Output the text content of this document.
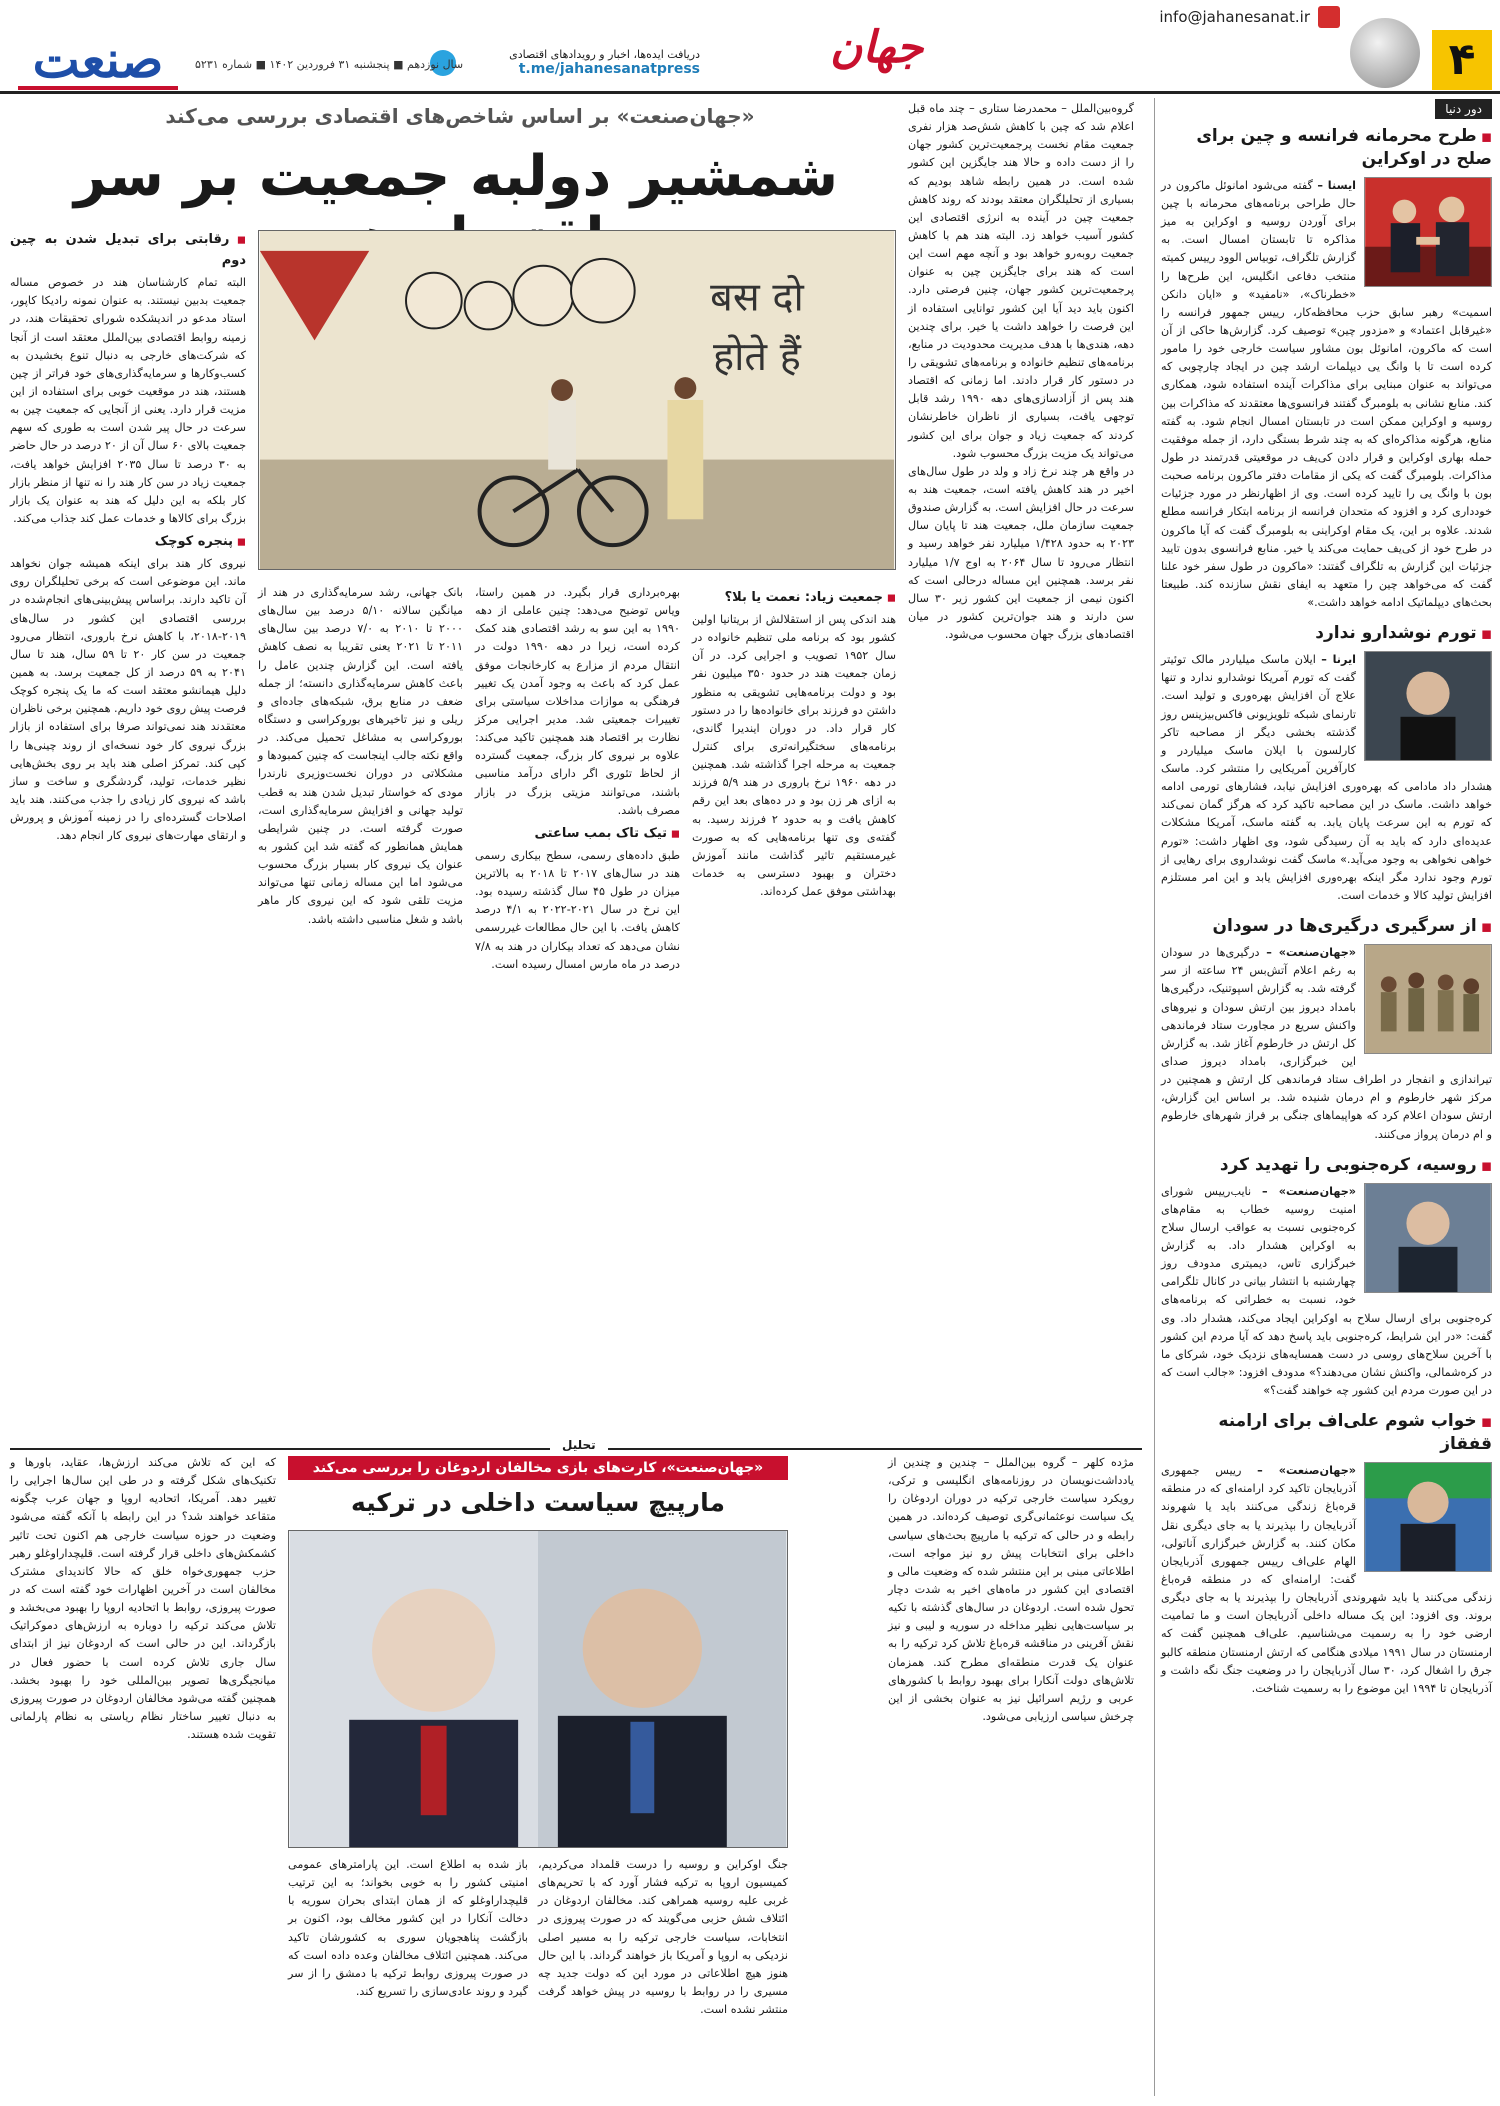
۴
info@jahanesanat.ir
جهان
دریافت ایده‌ها، اخبار و رویدادهای اقتصادی
t.me/jahanesanatpress
سال نوزدهم ■ پنجشنبه ۳۱ فروردین ۱۴۰۲ ■ شماره ۵۲۳۱
صنعت
دور دنیا
◼ طرح محرمانه فرانسه و چین برای صلح در اوکراین
ایسنا – گفته می‌شود امانوئل ماکرون در حال طراحی برنامه‌های محرمانه با چین برای آوردن روسیه و اوکراین به میز مذاکره تا تابستان امسال است. به گزارش تلگراف، توبیاس الوود رییس کمیته منتخب دفاعی انگلیس، این طرح‌ها را «خطرناک»، «نامفید» و «ایان دانکن اسمیت» رهبر سابق حزب محافظه‌کار، رییس جمهور فرانسه را «غیرقابل اعتماد» و «مزدور چین» توصیف کرد. گزارش‌ها حاکی از آن است که ماکرون، امانوئل بون مشاور سیاست خارجی خود را مامور کرده است تا با وانگ یی دیپلمات ارشد چین در ایجاد چارچوبی که می‌تواند به عنوان مبنایی برای مذاکرات آینده استفاده شود، همکاری کند. منابع نشانی به بلومبرگ گفتند فرانسوی‌ها معتقدند که مذاکرات بین روسیه و اوکراین ممکن است در تابستان امسال انجام شود. به گفته منابع، هرگونه مذاکره‌ای که به چند شرط بستگی دارد، از جمله موفقیت حمله بهاری اوکراین و قرار دادن کی‌یف در موقعیتی قدرتمند در طول مذاکرات. بلومبرگ گفت که یکی از مقامات دفتر ماکرون برنامه صحبت بون با وانگ یی را تایید کرده است. وی از اظهارنظر در مورد جزئیات خودداری کرد و افزود که متحدان فرانسه از برنامه ابتکار فرانسه مطلع شدند. علاوه بر این، یک مقام اوکراینی به بلومبرگ گفت که آیا ماکرون در طرح خود از کی‌یف حمایت می‌کند یا خیر. منابع فرانسوی بدون تایید جزئیات این گزارش به تلگراف گفتند: «ماکرون در طول سفر خود علنا گفت که می‌خواهد چین را متعهد به ایفای نقش سازنده کند. طبیعتا بحث‌های دیپلماتیک ادامه خواهد داشت.»
◼ تورم نوشدارو ندارد
ایرنا – ایلان ماسک میلیاردر مالک توئیتر گفت که تورم آمریکا نوشدارو ندارد و تنها علاج آن افزایش بهره‌وری و تولید است. تارنمای شبکه تلویزیونی فاکس‌بیزینس روز گذشته بخشی دیگر از مصاحبه تاکر کارلسون با ایلان ماسک میلیاردر و کارآفرین آمریکایی را منتشر کرد. ماسک هشدار داد مادامی که بهره‌وری افزایش نیابد، فشارهای تورمی ادامه خواهد داشت. ماسک در این مصاحبه تاکید کرد که هرگز گمان نمی‌کند که تورم به این سرعت پایان یابد. به گفته ماسک، آمریکا مشکلات عدیده‌ای دارد که باید به آن رسیدگی شود، وی اظهار داشت: «تورم خواهی نخواهی به وجود می‌آید.» ماسک گفت نوشداروی برای رهایی از تورم وجود ندارد مگر اینکه بهره‌وری افزایش یابد و این امر مستلزم افزایش تولید کالا و خدمات است.
◼ از سرگیری درگیری‌ها در سودان
«جهان‌صنعت» – درگیری‌ها در سودان به رغم اعلام آتش‌بس ۲۴ ساعته از سر گرفته شد. به گزارش اسپوتنیک، درگیری‌ها بامداد دیروز بین ارتش سودان و نیروهای واکنش سریع در مجاورت ستاد فرماندهی کل ارتش در خارطوم آغاز شد. به گزارش این خبرگزاری، بامداد دیروز صدای تیراندازی و انفجار در اطراف ستاد فرماندهی کل ارتش و همچنین در مرکز شهر خارطوم و ام درمان شنیده شد. بر اساس این گزارش، ارتش سودان اعلام کرد که هواپیماهای جنگی بر فراز شهرهای خارطوم و ام درمان پرواز می‌کنند.
◼ روسیه، کره‌جنوبی را تهدید کرد
«جهان‌صنعت» – نایب‌رییس شورای امنیت روسیه خطاب به مقام‌های کره‌جنوبی نسبت به عواقب ارسال سلاح به اوکراین هشدار داد. به گزارش خبرگزاری تاس، دیمیتری مدودف روز چهارشنبه با انتشار بیانی در کانال تلگرامی خود، نسبت به خطراتی که برنامه‌های کره‌جنوبی برای ارسال سلاح به اوکراین ایجاد می‌کند، هشدار داد. وی گفت: «در این شرایط، کره‌جنوبی باید پاسخ دهد که آیا مردم این کشور با آخرین سلاح‌های روسی در دست همسایه‌های نزدیک خود، شرکای ما در کره‌شمالی، واکنش نشان می‌دهند؟» مدودف افزود: «جالب است که در این صورت مردم این کشور چه خواهند گفت؟»
◼ خواب شوم علی‌اف برای ارامنه قفقاز
«جهان‌صنعت» – رییس جمهوری آذربایجان تاکید کرد ارامنه‌ای که در منطقه قره‌باغ زندگی می‌کنند باید یا شهروند آذربایجان را بپذیرند یا به جای دیگری نقل مکان کنند. به گزارش خبرگزاری آناتولی، الهام علی‌اف رییس جمهوری آذربایجان گفت: ارامنه‌ای که در منطقه قره‌باغ زندگی می‌کنند یا باید شهروندی آذربایجان را بپذیرند یا به جای دیگری بروند. وی افزود: این یک مساله داخلی آذربایجان است و ما تمامیت ارضی خود را به رسمیت می‌شناسیم. علی‌اف همچنین گفت که ارمنستان در سال ۱۹۹۱ میلادی هنگامی که ارتش ارمنستان منطقه کالبو جرق را اشغال کرد، ۳۰ سال آذربایجان را در وضعیت جنگ نگه داشت و آذربایجان تا ۱۹۹۴ این موضوع را به رسمیت شناخت.
«جهان‌صنعت» بر اساس شاخص‌های اقتصادی بررسی می‌کند
شمشیر دولبه جمعیت بر سر
बस दो
होते हैं
◼ رقابتی برای تبدیل شدن به چین دوم
البته تمام کارشناسان هند در خصوص مساله جمعیت بدبین نیستند. به عنوان نمونه رادیکا کاپور، استاد مدعو در اندیشکده شورای تحقیقات هند، در زمینه روابط اقتصادی بین‌الملل معتقد است از آنجا که شرکت‌های خارجی به دنبال تنوع بخشیدن به کسب‌وکارها و سرمایه‌گذاری‌های خود فراتر از چین هستند، هند در موقعیت خوبی برای استفاده از این مزیت قرار دارد. یعنی از آنجایی که جمعیت چین به سرعت در حال پیر شدن است به طوری که سهم جمعیت بالای ۶۰ سال آن از ۲۰ درصد در حال حاضر به ۳۰ درصد تا سال ۲۰۳۵ افزایش خواهد یافت، جمعیت زیاد در سن کار هند را نه تنها از منظر بازار کار بلکه به این دلیل که هند به عنوان یک بازار بزرگ برای کالاها و خدمات عمل کند جذاب می‌کند.
◼ پنجره کوچک
نیروی کار هند برای اینکه همیشه جوان نخواهد ماند. این موضوعی است که برخی تحلیلگران روی آن تاکید دارند. براساس پیش‌بینی‌های انجام‌شده در بررسی اقتصادی این کشور در سال‌های ۲۰۱۹-۲۰۱۸، با کاهش نرخ باروری، انتظار می‌رود جمعیت در سن کار ۲۰ تا ۵۹ سال، هند تا سال ۲۰۴۱ به ۵۹ درصد از کل جمعیت برسد. به همین دلیل هیمانشو معتقد است که ما یک پنجره کوچک فرصت پیش روی خود داریم. همچنین برخی ناظران معتقدند هند نمی‌تواند صرفا برای استفاده از بازار بزرگ نیروی کار خود نسخه‌ای از روند چینی‌ها را کپی کند. تمرکز اصلی هند باید بر روی بخش‌هایی نظیر خدمات، تولید، گردشگری و ساخت و ساز باشد که نیروی کار زیادی را جذب می‌کنند. هند باید اصلاحات گسترده‌ای را در زمینه آموزش و پرورش و ارتقای مهارت‌های نیروی کار انجام دهد.
بانک جهانی، رشد سرمایه‌گذاری در هند از میانگین سالانه ۵/۱۰ درصد بین سال‌های ۲۰۰۰ تا ۲۰۱۰ به ۷/۰ درصد بین سال‌های ۲۰۱۱ تا ۲۰۲۱ یعنی تقریبا به نصف کاهش یافته است. این گزارش چندین عامل را باعث کاهش سرمایه‌گذاری دانسته؛ از جمله ضعف در منابع برق، شبکه‌های جاده‌ای و ریلی و نیز تاخیرهای بوروکراسی و دستگاه بوروکراسی به مشاغل تحمیل می‌کند. در واقع نکته جالب اینجاست که چنین کمبودها و مشکلاتی در دوران نخست‌وزیری نارندرا مودی که خواستار تبدیل شدن هند به قطب تولید جهانی و افزایش سرمایه‌گذاری است، صورت گرفته است. در چنین شرایطی همایش همانطور که گفته شد این کشور به عنوان یک نیروی کار بسیار بزرگ محسوب می‌شود اما این مساله زمانی تنها می‌تواند مزیت تلقی شود که این نیروی کار ماهر باشد و شغل مناسبی داشته باشد.
بهره‌برداری قرار بگیرد. در همین راستا، ویاس توضیح می‌دهد: چنین عاملی از دهه ۱۹۹۰ به این سو به رشد اقتصادی هند کمک کرده است، زیرا در دهه ۱۹۹۰ دولت در انتقال مردم از مزارع به کارخانجات موفق عمل کرد که باعث به وجود آمدن یک تغییر فرهنگی به موازات مداخلات سیاستی برای تغییرات جمعیتی شد. مدیر اجرایی مرکز نظارت بر اقتصاد هند همچنین تاکید می‌کند: علاوه بر نیروی کار بزرگ، جمعیت گسترده از لحاظ تئوری اگر دارای درآمد مناسبی باشند، می‌توانند مزیتی بزرگ در بازار مصرف باشد.
◼ تیک تاک بمب ساعتی
طبق داده‌های رسمی، سطح بیکاری رسمی هند در سال‌های ۲۰۱۷ تا ۲۰۱۸ به بالاترین میزان در طول ۴۵ سال گذشته رسیده بود. این نرخ در سال ۲۰۲۱-۲۰۲۲ به ۴/۱ درصد کاهش یافت. با این حال مطالعات غیررسمی نشان می‌دهد که تعداد بیکاران در هند به ۷/۸ درصد در ماه مارس امسال رسیده است.
◼ جمعیت زیاد: نعمت یا بلا؟
هند اندکی پس از استقلالش از بریتانیا اولین کشور بود که برنامه ملی تنظیم خانواده در سال ۱۹۵۲ تصویب و اجرایی کرد. در آن زمان جمعیت هند در حدود ۳۵۰ میلیون نفر بود و دولت برنامه‌هایی تشویقی به منظور داشتن دو فرزند برای خانواده‌ها را در دستور کار قرار داد. در دوران ایندیرا گاندی، برنامه‌های سختگیرانه‌تری برای کنترل جمعیت به مرحله اجرا گذاشته شد. همچنین در دهه ۱۹۶۰ نرخ باروری در هند ۵/۹ فرزند به ازای هر زن بود و در ده‌های بعد این رقم کاهش یافت و به حدود ۲ فرزند رسید. به گفته‌ی وی تنها برنامه‌هایی که به صورت غیرمستقیم تاثیر گذاشت مانند آموزش دختران و بهبود دسترسی به خدمات بهداشتی موفق عمل کرده‌اند.
گروه‌بین‌الملل – محمدرضا ستاری – چند ماه قبل اعلام شد که چین با کاهش شش‌صد هزار نفری جمعیت مقام نخست پرجمعیت‌ترین کشور جهان را از دست داده و حالا هند جایگزین این کشور شده است. در همین رابطه شاهد بودیم که بسیاری از تحلیلگران معتقد بودند که روند کاهش جمعیت چین در آینده به انرژی اقتصادی این کشور آسیب خواهد زد. البته هند هم با کاهش جمعیت روبه‌رو خواهد بود و آنچه مهم است این است که هند برای جایگزین چین به عنوان پرجمعیت‌ترین کشور جهان، چنین فرصتی دارد. اکنون باید دید آیا این کشور توانایی استفاده از این فرصت را خواهد داشت یا خیر. برای چندین دهه، هندی‌ها با هدف مدیریت محدودیت در منابع، برنامه‌های تنظیم خانواده و برنامه‌های تشویقی را در دستور کار قرار دادند. اما زمانی که اقتصاد هند پس از آزادسازی‌های دهه ۱۹۹۰ رشد قابل توجهی یافت، بسیاری از ناظران خاطرنشان کردند که جمعیت زیاد و جوان برای این کشور می‌تواند یک مزیت بزرگ محسوب شود.
در واقع هر چند نرخ زاد و ولد در طول سال‌های اخیر در هند کاهش یافته است، جمعیت هند به سرعت در حال افزایش است. به گزارش صندوق جمعیت سازمان ملل، جمعیت هند تا پایان سال ۲۰۲۳ به حدود ۱/۴۲۸ میلیارد نفر خواهد رسید و انتظار می‌رود تا سال ۲۰۶۴ به اوج ۱/۷ میلیارد نفر برسد. همچنین این مساله درحالی است که اکنون نیمی از جمعیت این کشور زیر ۳۰ سال سن دارند و هند جوان‌ترین کشور در میان اقتصادهای بزرگ جهان محسوب می‌شود.
تحلیل
«جهان‌صنعت»، کارت‌های بازی مخالفان اردوغان را بررسی می‌کند
مارپیچ سیاست داخلی در ترکیه
مژده کلهر – گروه بین‌الملل – چندین و چندین از یادداشت‌نویسان در روزنامه‌های انگلیسی و ترکی، رویکرد سیاست خارجی ترکیه در دوران اردوغان را یک سیاست نوعثمانی‌گری توصیف کرده‌اند. در همین رابطه و در حالی که ترکیه با مارپیچ بحث‌های سیاسی داخلی برای انتخابات پیش رو نیز مواجه است، اطلاعاتی مبنی بر این منتشر شده که وضعیت مالی و اقتصادی این کشور در ماه‌های اخیر به شدت دچار تحول شده است. اردوغان در سال‌های گذشته با تکیه بر سیاست‌هایی نظیر مداخله در سوریه و لیبی و نیز نقش آفرینی در مناقشه قره‌باغ تلاش کرد ترکیه را به عنوان یک قدرت منطقه‌ای مطرح کند. همزمان تلاش‌های دولت آنکارا برای بهبود روابط با کشورهای عربی و رژیم اسرائیل نیز به عنوان بخشی از این چرخش سیاسی ارزیابی می‌شود.
جنگ اوکراین و روسیه را درست قلمداد می‌کردیم، کمیسیون اروپا به ترکیه فشار آورد که با تحریم‌های غربی علیه روسیه همراهی کند. مخالفان اردوغان در ائتلاف شش حزبی می‌گویند که در صورت پیروزی در انتخابات، سیاست خارجی ترکیه را به مسیر اصلی نزدیکی به اروپا و آمریکا باز خواهند گرداند. با این حال هنوز هیچ اطلاعاتی در مورد این که دولت جدید چه مسیری را در روابط با روسیه در پیش خواهد گرفت منتشر نشده است.
باز شده به اطلاع است. این پارامترهای عمومی امنیتی کشور را به خوبی بخواند؛ به این ترتیب قلیچداراوغلو که از همان ابتدای بحران سوریه با دخالت آنکارا در این کشور مخالف بود، اکنون بر بازگشت پناهجویان سوری به کشورشان تاکید می‌کند. همچنین ائتلاف مخالفان وعده داده است که در صورت پیروزی روابط ترکیه با دمشق را از سر گیرد و روند عادی‌سازی را تسریع کند.
که این که تلاش می‌کند ارزش‌ها، عقاید، باورها و تکنیک‌های شکل گرفته و در طی این سال‌ها اجرایی را تغییر دهد. آمریکا، اتحادیه اروپا و جهان عرب چگونه متقاعد خواهند شد؟ در این رابطه با آنکه گفته می‌شود وضعیت در حوزه سیاست خارجی هم اکنون تحت تاثیر کشمکش‌های داخلی قرار گرفته است. قلیچداراوغلو رهبر حزب جمهوری‌خواه خلق که حالا کاندیدای مشترک مخالفان است در آخرین اظهارات خود گفته است که در صورت پیروزی، روابط با اتحادیه اروپا را بهبود می‌بخشد و تلاش می‌کند ترکیه را دوباره به ارزش‌های دموکراتیک بازگرداند. این در حالی است که اردوغان نیز از ابتدای سال جاری تلاش کرده است با حضور فعال در میانجیگری‌ها تصویر بین‌المللی خود را بهبود بخشد. همچنین گفته می‌شود مخالفان اردوغان در صورت پیروزی به دنبال تغییر ساختار نظام ریاستی به نظام پارلمانی تقویت شده هستند.
